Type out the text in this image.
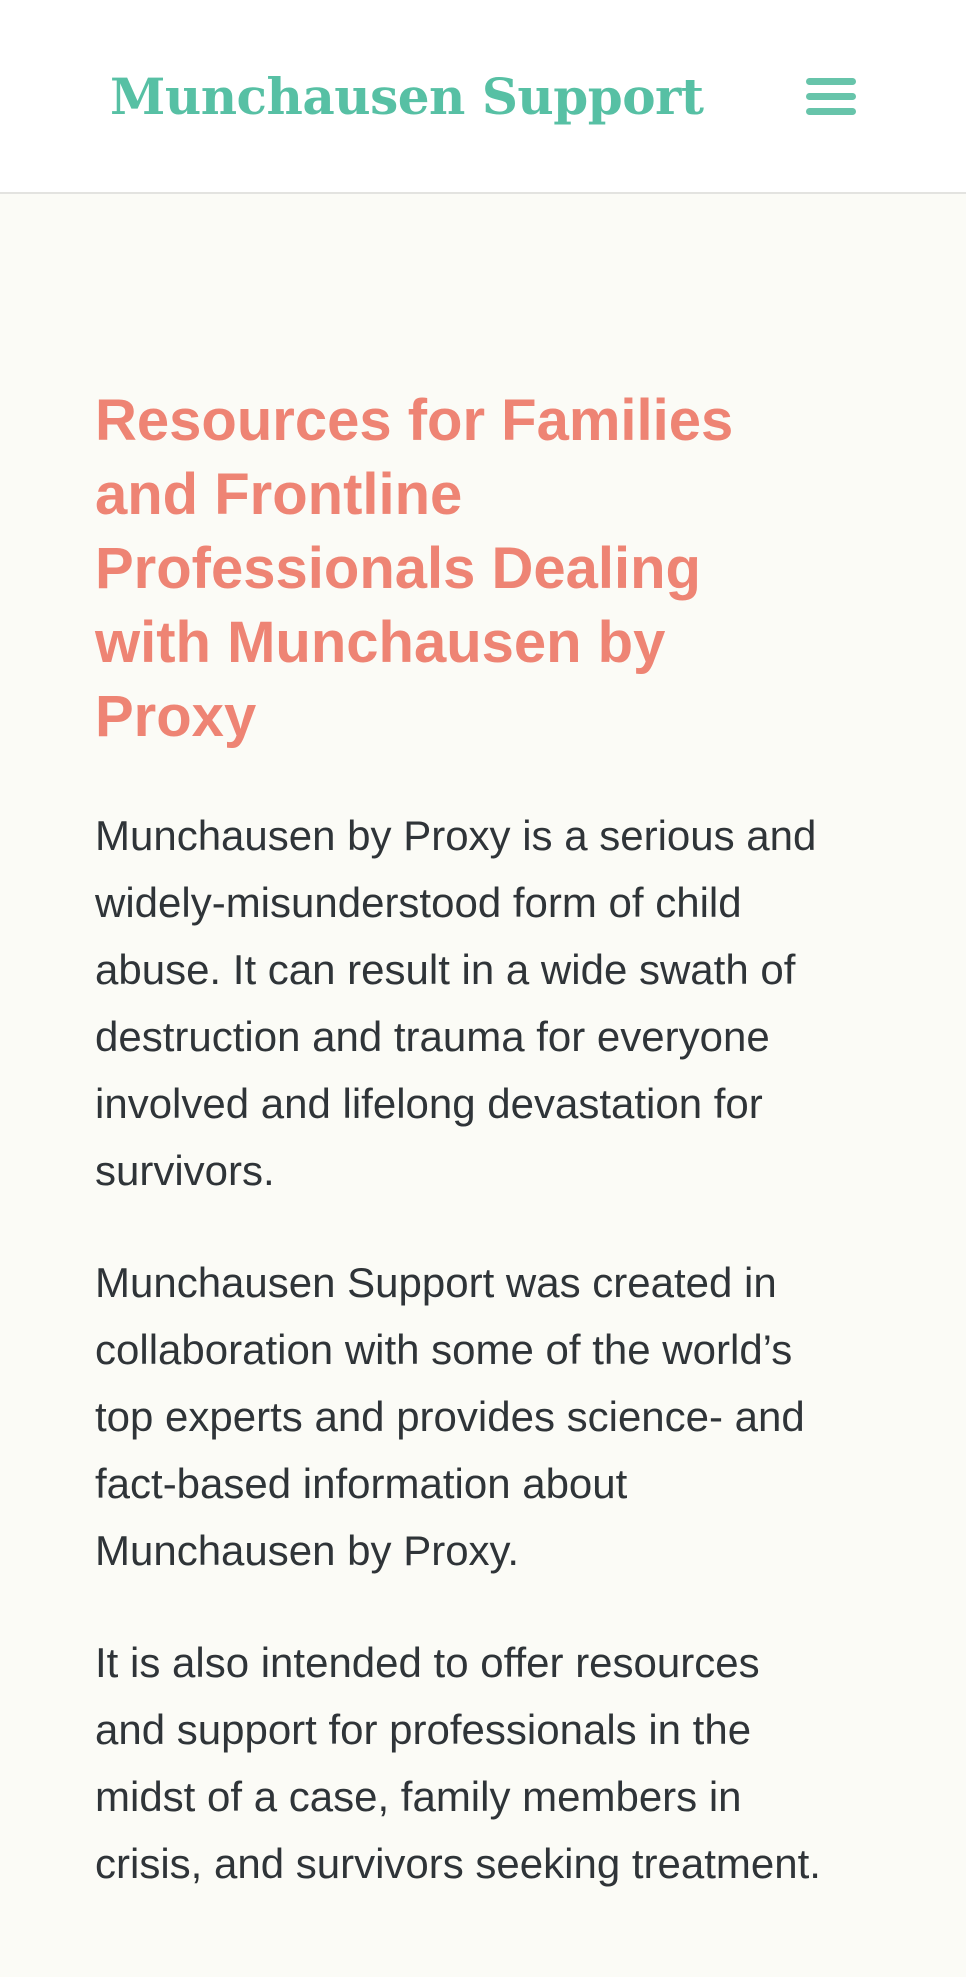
Munchausen Support
Resources for Families and Frontline Professionals Dealing with Munchausen by Proxy

Munchausen by Proxy is a serious and widely-misunderstood form of child abuse. It can result in a wide swath of destruction and trauma for everyone involved and lifelong devastation for survivors.

Munchausen Support was created in collaboration with some of the world’s top experts and provides science- and fact-based information about Munchausen by Proxy.

It is also intended to offer resources and support for professionals in the midst of a case, family members in crisis, and survivors seeking treatment.
